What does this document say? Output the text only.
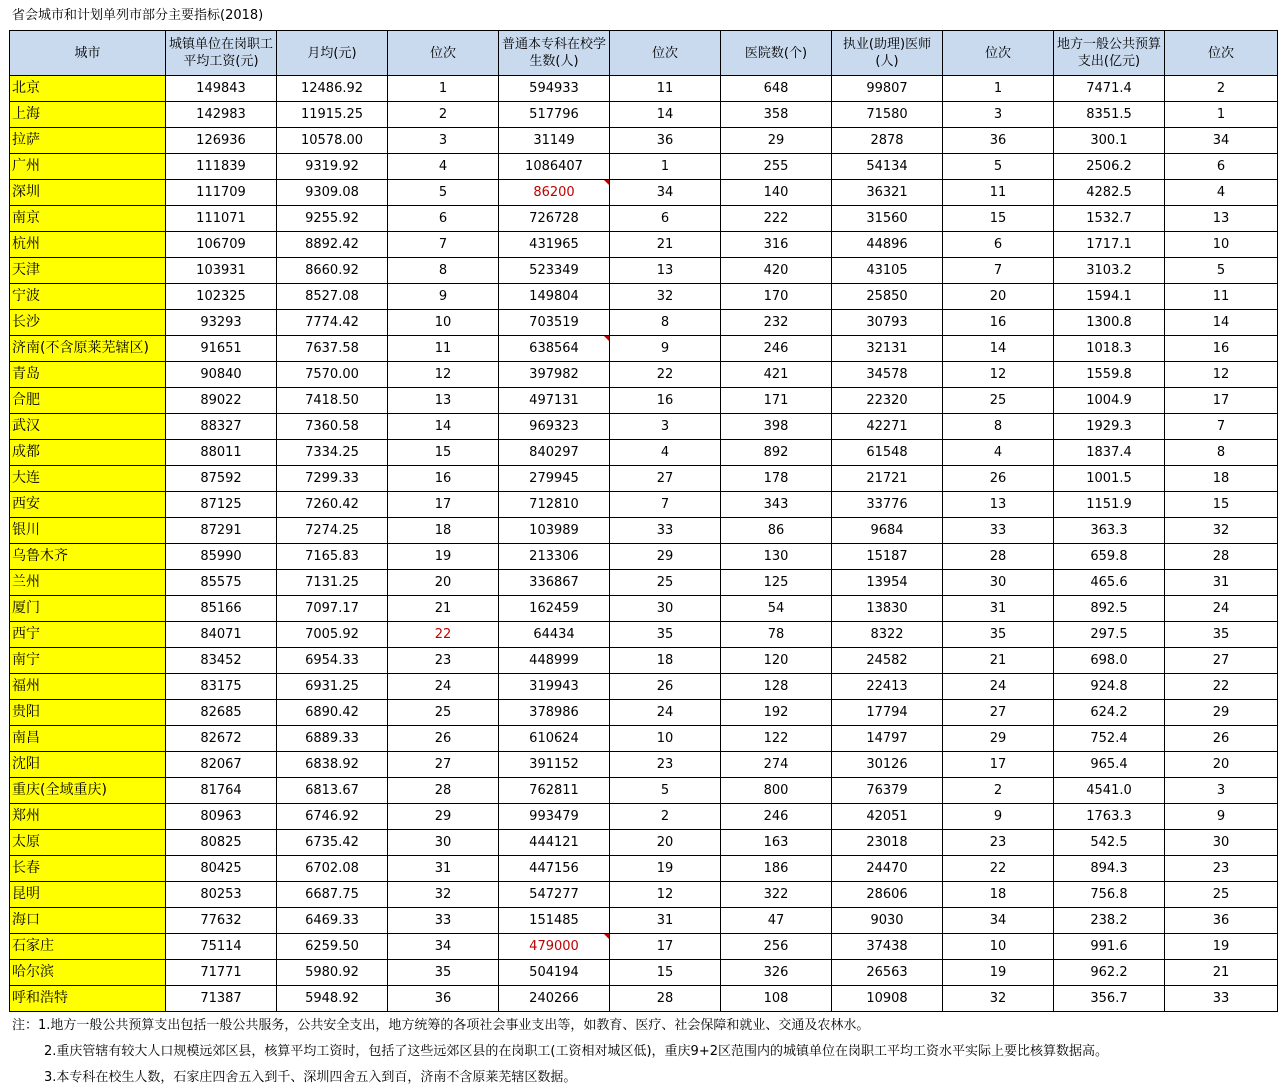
省会城市和计划单列市部分主要指标(2018)
城市	城镇单位在岗职工平均工资(元)	月均(元)	位次	普通本专科在校学生数(人)	位次	医院数(个)	执业(助理)医师(人)	位次	地方一般公共预算支出(亿元)	位次
北京	149843	12486.92	1	594933	11	648	99807	1	7471.4	2
上海	142983	11915.25	2	517796	14	358	71580	3	8351.5	1
拉萨	126936	10578.00	3	31149	36	29	2878	36	300.1	34
广州	111839	9319.92	4	1086407	1	255	54134	5	2506.2	6
深圳	111709	9309.08	5	86200	34	140	36321	11	4282.5	4
南京	111071	9255.92	6	726728	6	222	31560	15	1532.7	13
杭州	106709	8892.42	7	431965	21	316	44896	6	1717.1	10
天津	103931	8660.92	8	523349	13	420	43105	7	3103.2	5
宁波	102325	8527.08	9	149804	32	170	25850	20	1594.1	11
长沙	93293	7774.42	10	703519	8	232	30793	16	1300.8	14
济南(不含原莱芜辖区)	91651	7637.58	11	638564	9	246	32131	14	1018.3	16
青岛	90840	7570.00	12	397982	22	421	34578	12	1559.8	12
合肥	89022	7418.50	13	497131	16	171	22320	25	1004.9	17
武汉	88327	7360.58	14	969323	3	398	42271	8	1929.3	7
成都	88011	7334.25	15	840297	4	892	61548	4	1837.4	8
大连	87592	7299.33	16	279945	27	178	21721	26	1001.5	18
西安	87125	7260.42	17	712810	7	343	33776	13	1151.9	15
银川	87291	7274.25	18	103989	33	86	9684	33	363.3	32
乌鲁木齐	85990	7165.83	19	213306	29	130	15187	28	659.8	28
兰州	85575	7131.25	20	336867	25	125	13954	30	465.6	31
厦门	85166	7097.17	21	162459	30	54	13830	31	892.5	24
西宁	84071	7005.92	22	64434	35	78	8322	35	297.5	35
南宁	83452	6954.33	23	448999	18	120	24582	21	698.0	27
福州	83175	6931.25	24	319943	26	128	22413	24	924.8	22
贵阳	82685	6890.42	25	378986	24	192	17794	27	624.2	29
南昌	82672	6889.33	26	610624	10	122	14797	29	752.4	26
沈阳	82067	6838.92	27	391152	23	274	30126	17	965.4	20
重庆(全域重庆)	81764	6813.67	28	762811	5	800	76379	2	4541.0	3
郑州	80963	6746.92	29	993479	2	246	42051	9	1763.3	9
太原	80825	6735.42	30	444121	20	163	23018	23	542.5	30
长春	80425	6702.08	31	447156	19	186	24470	22	894.3	23
昆明	80253	6687.75	32	547277	12	322	28606	18	756.8	25
海口	77632	6469.33	33	151485	31	47	9030	34	238.2	36
石家庄	75114	6259.50	34	479000	17	256	37438	10	991.6	19
哈尔滨	71771	5980.92	35	504194	15	326	26563	19	962.2	21
呼和浩特	71387	5948.92	36	240266	28	108	10908	32	356.7	33
注：1.地方一般公共预算支出包括一般公共服务，公共安全支出，地方统筹的各项社会事业支出等，如教育、医疗、社会保障和就业、交通及农林水。
2.重庆管辖有较大人口规模远郊区县，核算平均工资时，包括了这些远郊区县的在岗职工(工资相对城区低)，重庆9+2区范围内的城镇单位在岗职工平均工资水平实际上要比核算数据高。
3.本专科在校生人数，石家庄四舍五入到千、深圳四舍五入到百，济南不含原莱芜辖区数据。
